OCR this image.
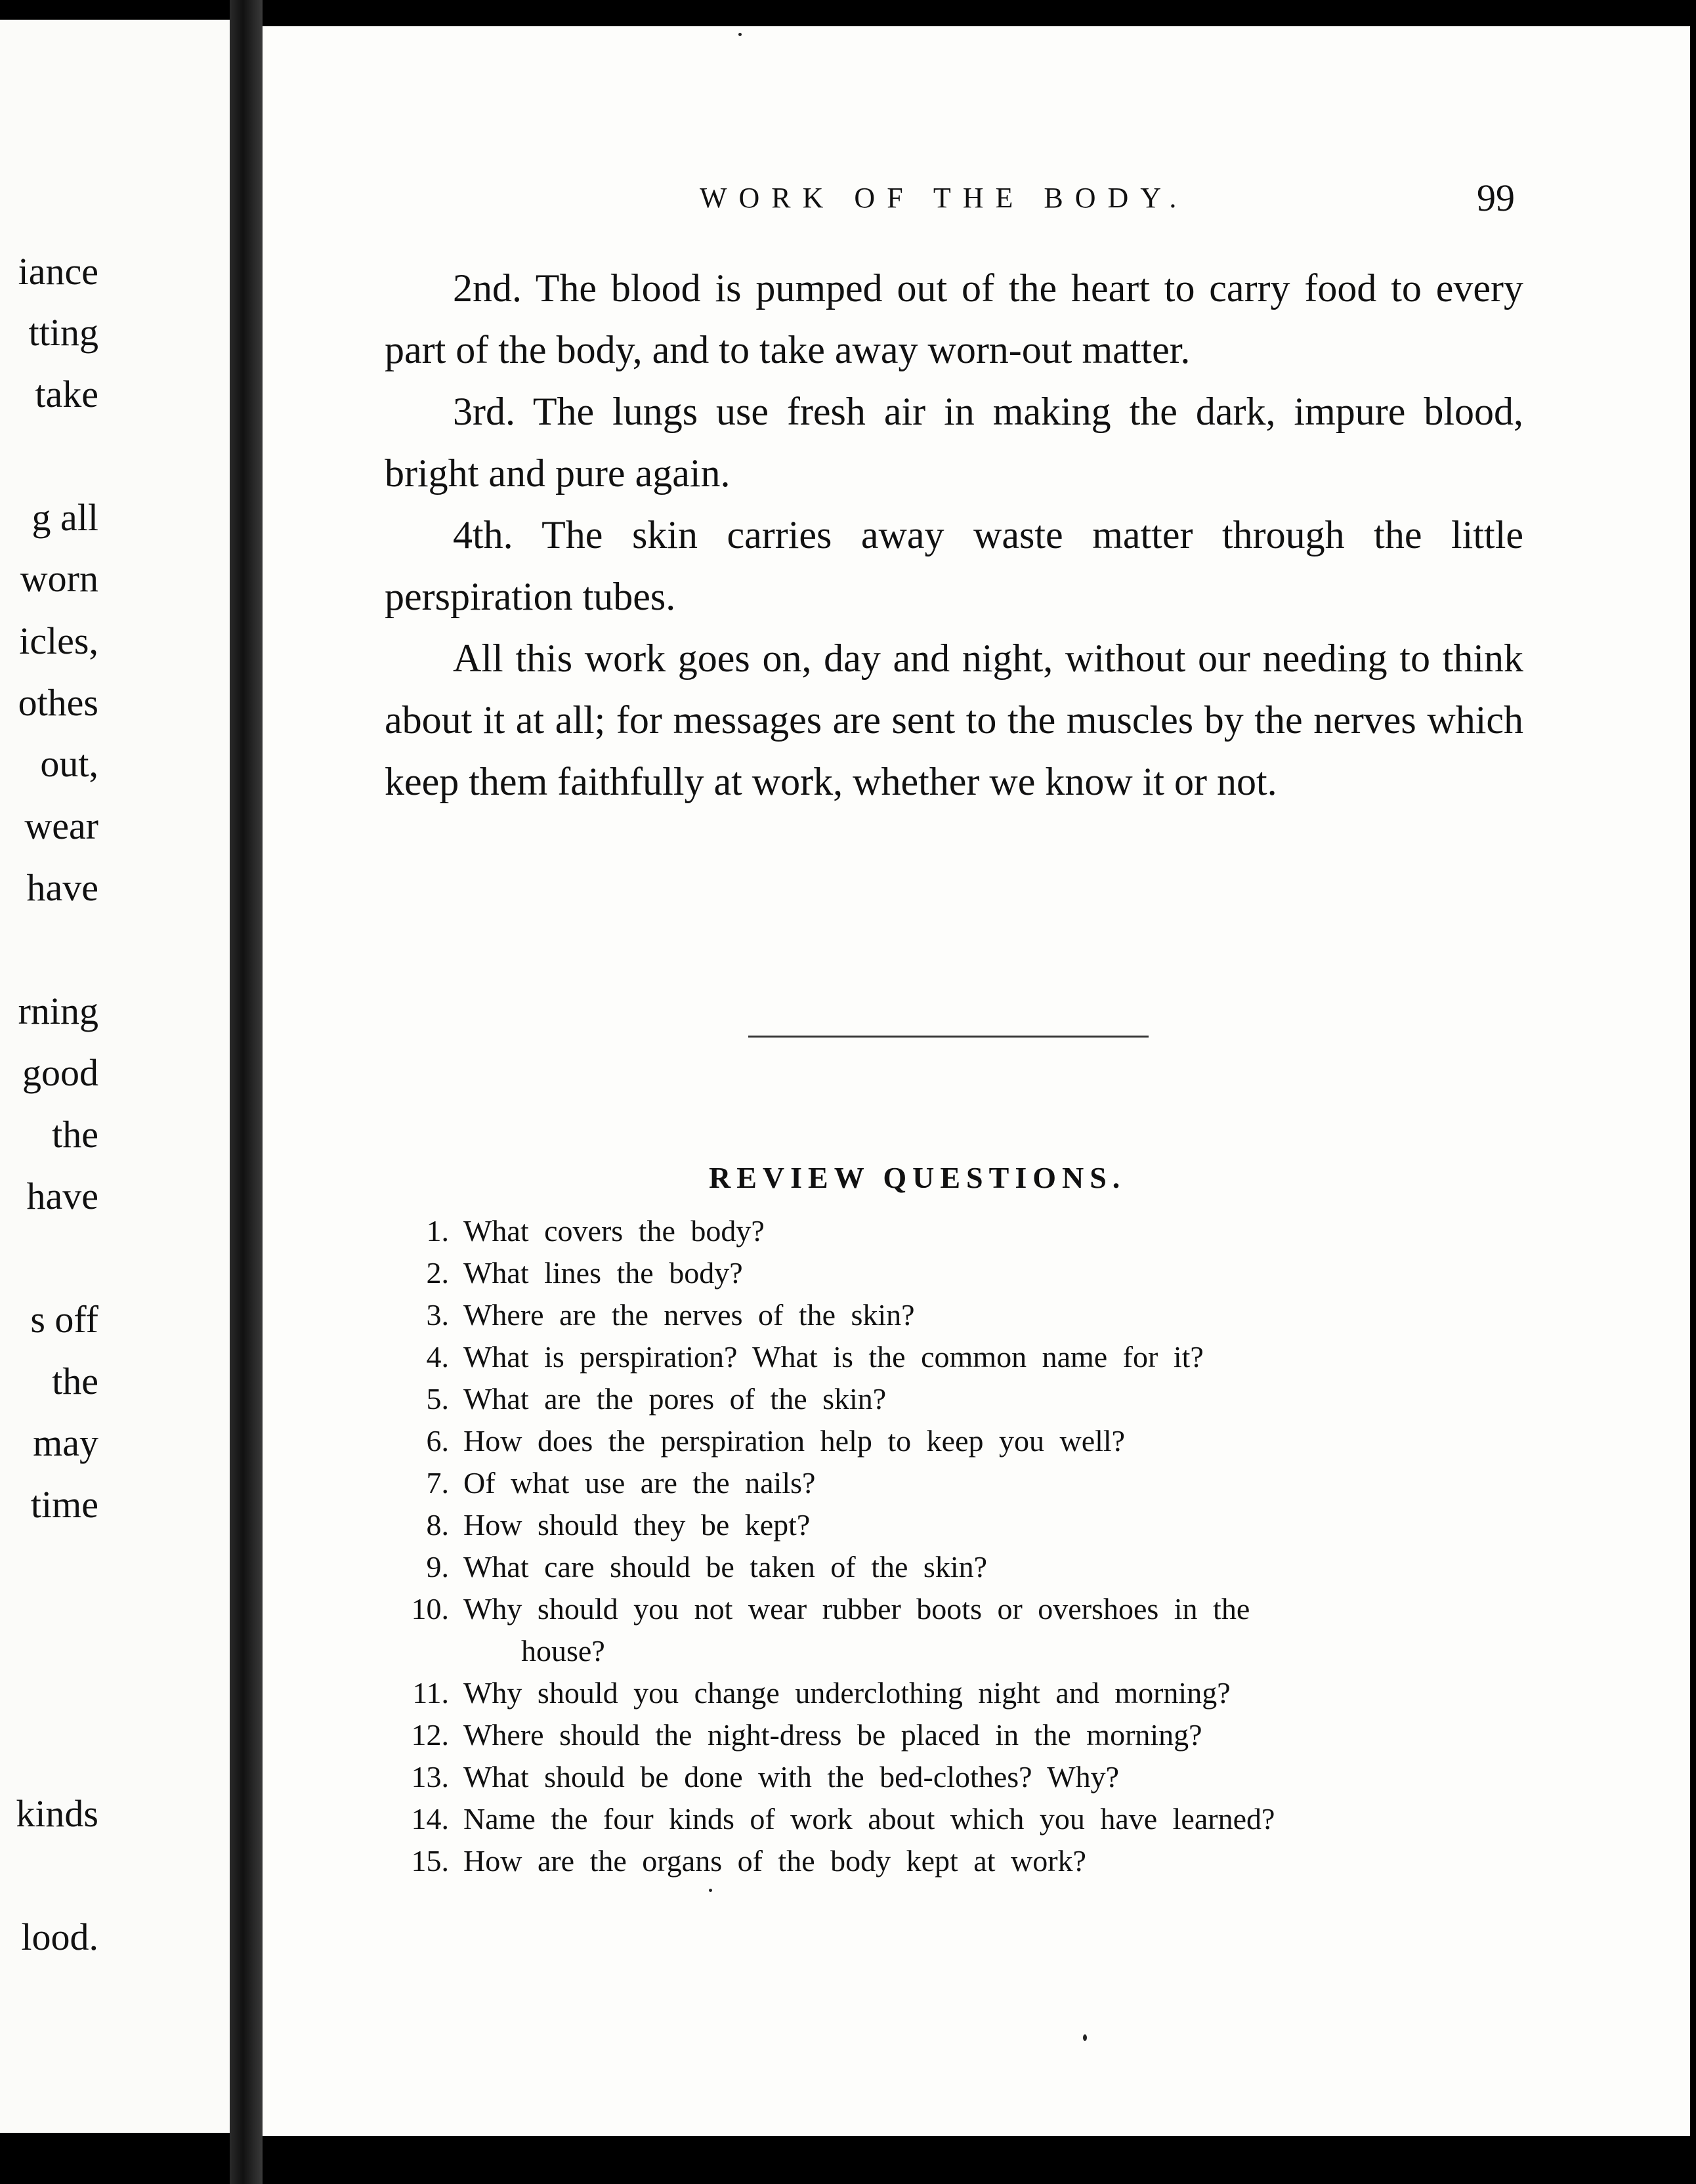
iance
tting
take
g all
worn
icles,
othes
out,
wear
have
rning
good
the
have
s off
the
may
time
kinds
lood.
WORK OF THE BODY.	99

2nd. The blood is pumped out of the heart to carry food to every part of the body, and to take away worn-out matter.

3rd. The lungs use fresh air in making the dark, impure blood, bright and pure again.

4th. The skin carries away waste matter through the little perspiration tubes.

All this work goes on, day and night, without our needing to think about it at all; for messages are sent to the muscles by the nerves which keep them faithfully at work, whether we know it or not.

REVIEW QUESTIONS.
1. What covers the body?
2. What lines the body?
3. Where are the nerves of the skin?
4. What is perspiration? What is the common name for it?
5. What are the pores of the skin?
6. How does the perspiration help to keep you well?
7. Of what use are the nails?
8. How should they be kept?
9. What care should be taken of the skin?
10. Why should you not wear rubber boots or overshoes in the
house?
11. Why should you change underclothing night and morning?
12. Where should the night-dress be placed in the morning?
13. What should be done with the bed-clothes? Why?
14. Name the four kinds of work about which you have learned?
15. How are the organs of the body kept at work?
